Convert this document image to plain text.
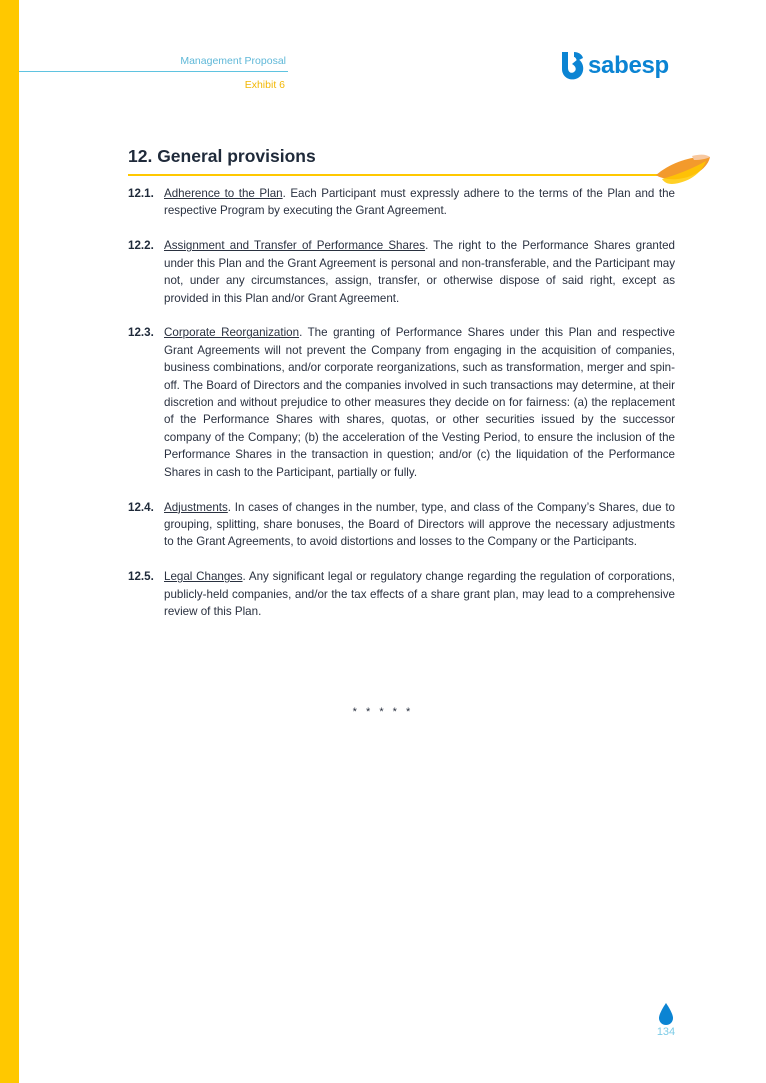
Management Proposal
Exhibit 6
sabesp
12. General provisions
12.1. Adherence to the Plan. Each Participant must expressly adhere to the terms of the Plan and the respective Program by executing the Grant Agreement.
12.2. Assignment and Transfer of Performance Shares. The right to the Performance Shares granted under this Plan and the Grant Agreement is personal and non-transferable, and the Participant may not, under any circumstances, assign, transfer, or otherwise dispose of said right, except as provided in this Plan and/or Grant Agreement.
12.3. Corporate Reorganization. The granting of Performance Shares under this Plan and respective Grant Agreements will not prevent the Company from engaging in the acquisition of companies, business combinations, and/or corporate reorganizations, such as transformation, merger and spin-off. The Board of Directors and the companies involved in such transactions may determine, at their discretion and without prejudice to other measures they decide on for fairness: (a) the replacement of the Performance Shares with shares, quotas, or other securities issued by the successor company of the Company; (b) the acceleration of the Vesting Period, to ensure the inclusion of the Performance Shares in the transaction in question; and/or (c) the liquidation of the Performance Shares in cash to the Participant, partially or fully.
12.4. Adjustments. In cases of changes in the number, type, and class of the Company’s Shares, due to grouping, splitting, share bonuses, the Board of Directors will approve the necessary adjustments to the Grant Agreements, to avoid distortions and losses to the Company or the Participants.
12.5. Legal Changes. Any significant legal or regulatory change regarding the regulation of corporations, publicly-held companies, and/or the tax effects of a share grant plan, may lead to a comprehensive review of this Plan.
* * * * *
134
